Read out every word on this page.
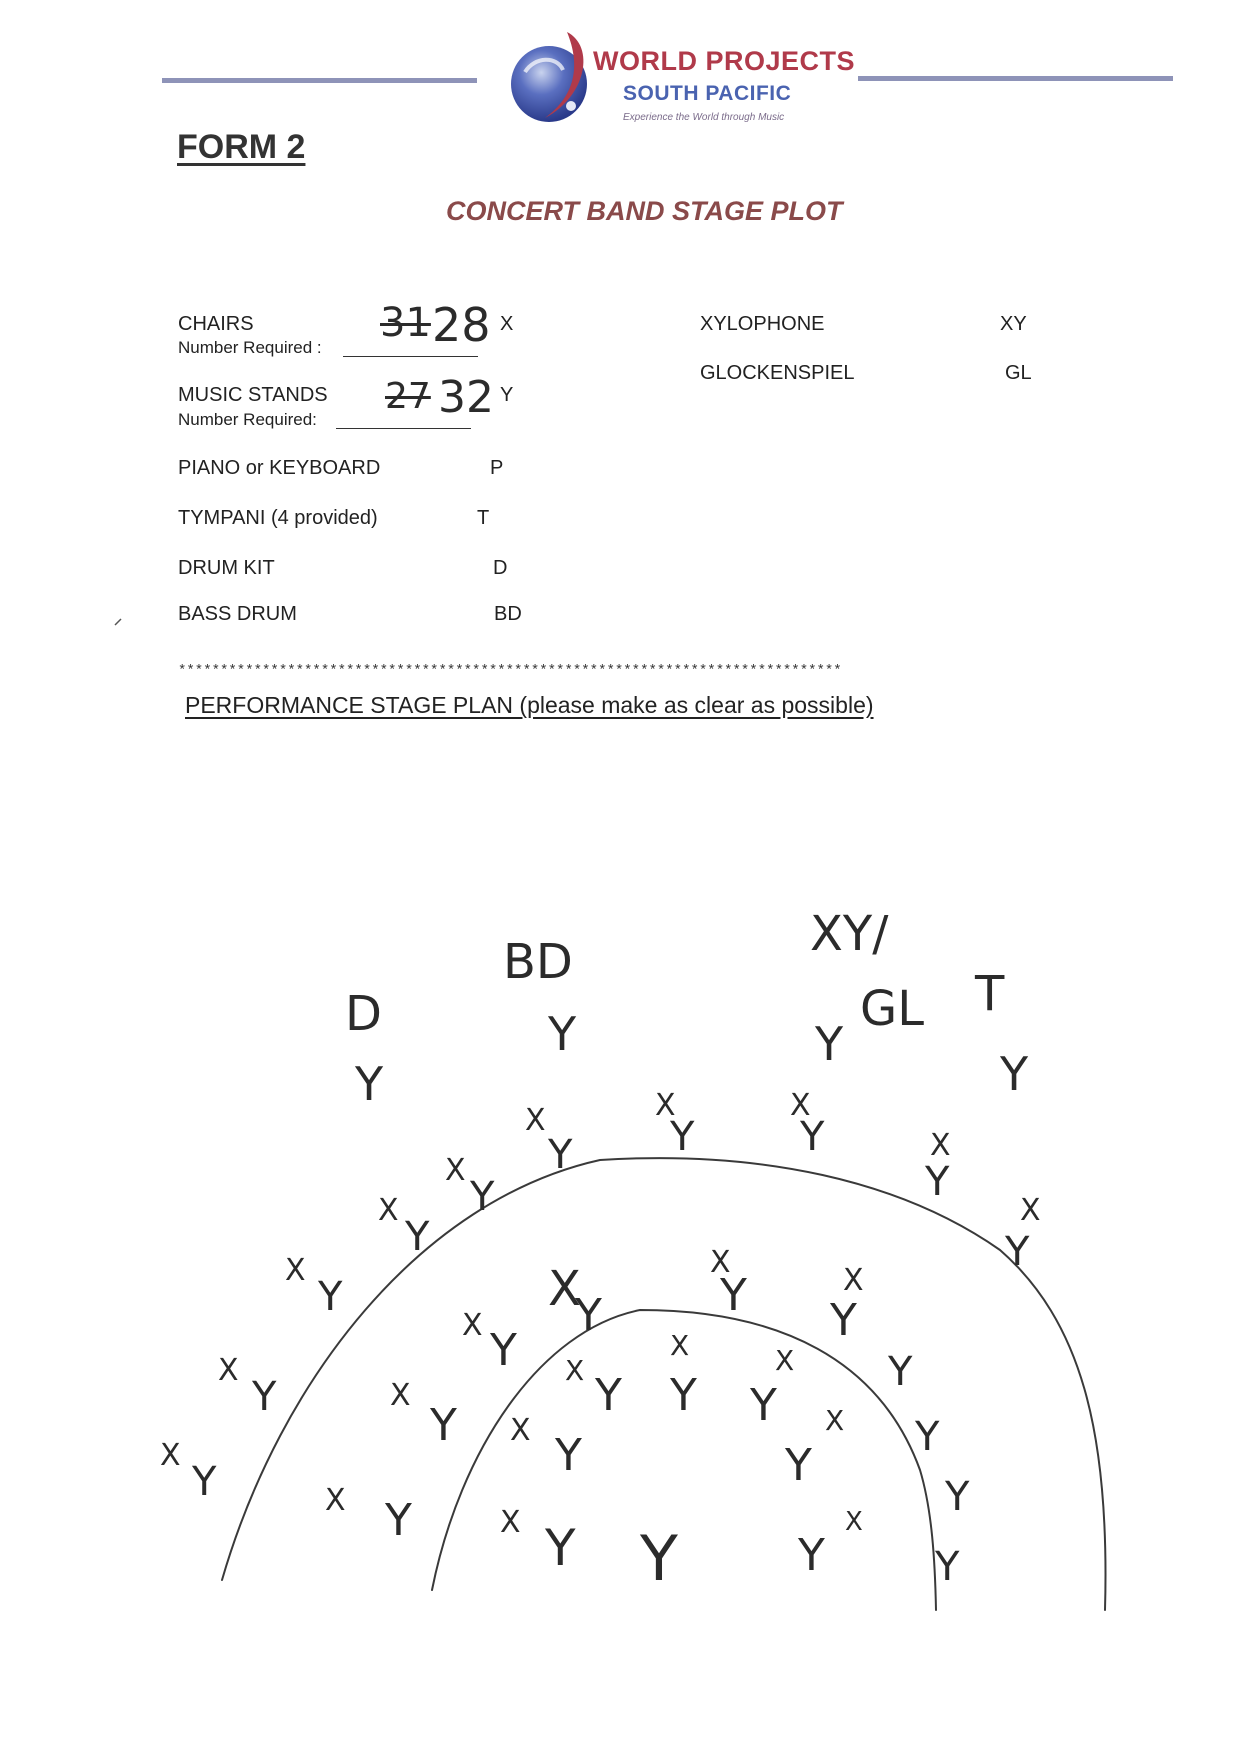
WORLD PROJECTS
SOUTH PACIFIC
Experience the World through Music
FORM 2
CONCERT BAND STAGE PLOT
CHAIRS
Number Required :
31 28 X
MUSIC STANDS
Number Required:
27 32 Y
PIANO or KEYBOARD	P
TYMPANI (4 provided)	T
DRUM KIT	D
BASS DRUM	BD
XYLOPHONE	XY
GLOCKENSPIEL	GL
*******************************************************************************
PERFORMANCE STAGE PLAN (please make as clear as possible)
D
BD	XY/
GL T
Y
Y	Y
Y
X
Y
X
Y
X
Y
X
Y
X
Y
X
Y
X
Y
X
Y	X
Y
X
Y
X Y
X
Y
X Y
X
Y
X
Y	X
Y
X Y
X
Y
X
Y X
Y
X Y
X Y Y	Y
X
Y
Y
Y
Y
